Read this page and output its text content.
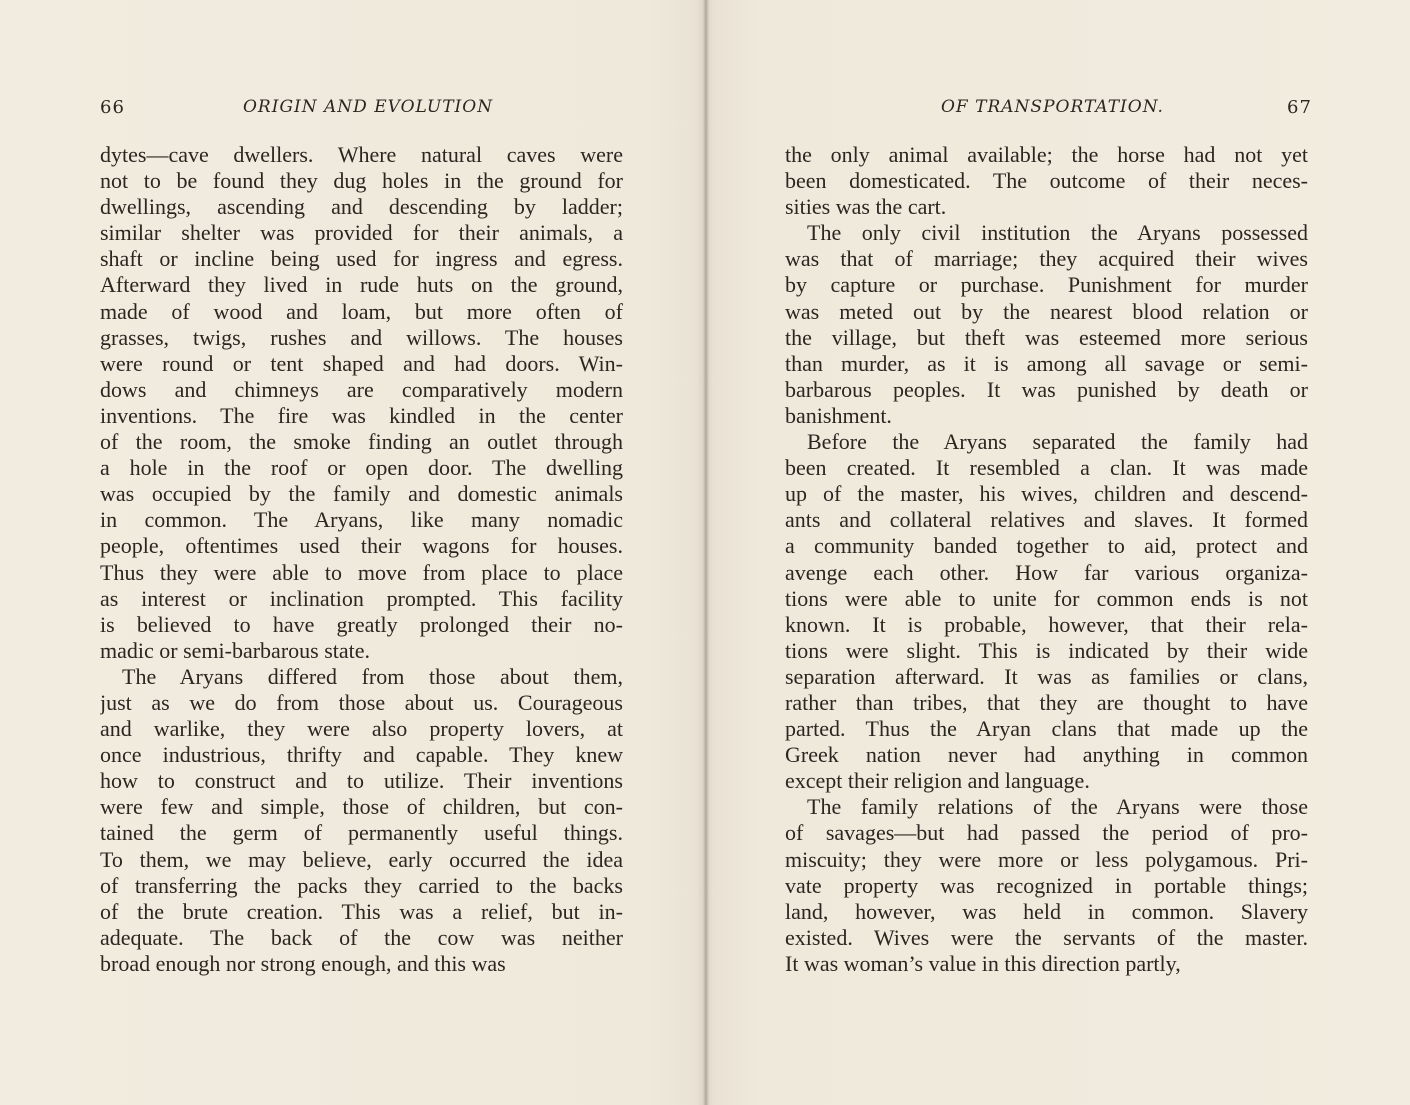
66	ORIGIN AND EVOLUTION
dytes—cave dwellers. Where natural caves were
not to be found they dug holes in the ground for
dwellings, ascending and descending by ladder;
similar shelter was provided for their animals, a
shaft or incline being used for ingress and egress.
Afterward they lived in rude huts on the ground,
made of wood and loam, but more often of
grasses, twigs, rushes and willows. The houses
were round or tent shaped and had doors. Win-
dows and chimneys are comparatively modern
inventions. The fire was kindled in the center
of the room, the smoke finding an outlet through
a hole in the roof or open door. The dwelling
was occupied by the family and domestic animals
in common. The Aryans, like many nomadic
people, oftentimes used their wagons for houses.
Thus they were able to move from place to place
as interest or inclination prompted. This facility
is believed to have greatly prolonged their no-
madic or semi-barbarous state.
The Aryans differed from those about them,
just as we do from those about us. Courageous
and warlike, they were also property lovers, at
once industrious, thrifty and capable. They knew
how to construct and to utilize. Their inventions
were few and simple, those of children, but con-
tained the germ of permanently useful things.
To them, we may believe, early occurred the idea
of transferring the packs they carried to the backs
of the brute creation. This was a relief, but in-
adequate. The back of the cow was neither
broad enough nor strong enough, and this was
OF TRANSPORTATION.	67
the only animal available; the horse had not yet
been domesticated. The outcome of their neces-
sities was the cart.
The only civil institution the Aryans possessed
was that of marriage; they acquired their wives
by capture or purchase. Punishment for murder
was meted out by the nearest blood relation or
the village, but theft was esteemed more serious
than murder, as it is among all savage or semi-
barbarous peoples. It was punished by death or
banishment.
Before the Aryans separated the family had
been created. It resembled a clan. It was made
up of the master, his wives, children and descend-
ants and collateral relatives and slaves. It formed
a community banded together to aid, protect and
avenge each other. How far various organiza-
tions were able to unite for common ends is not
known. It is probable, however, that their rela-
tions were slight. This is indicated by their wide
separation afterward. It was as families or clans,
rather than tribes, that they are thought to have
parted. Thus the Aryan clans that made up the
Greek nation never had anything in common
except their religion and language.
The family relations of the Aryans were those
of savages—but had passed the period of pro-
miscuity; they were more or less polygamous. Pri-
vate property was recognized in portable things;
land, however, was held in common. Slavery
existed. Wives were the servants of the master.
It was woman’s value in this direction partly,
